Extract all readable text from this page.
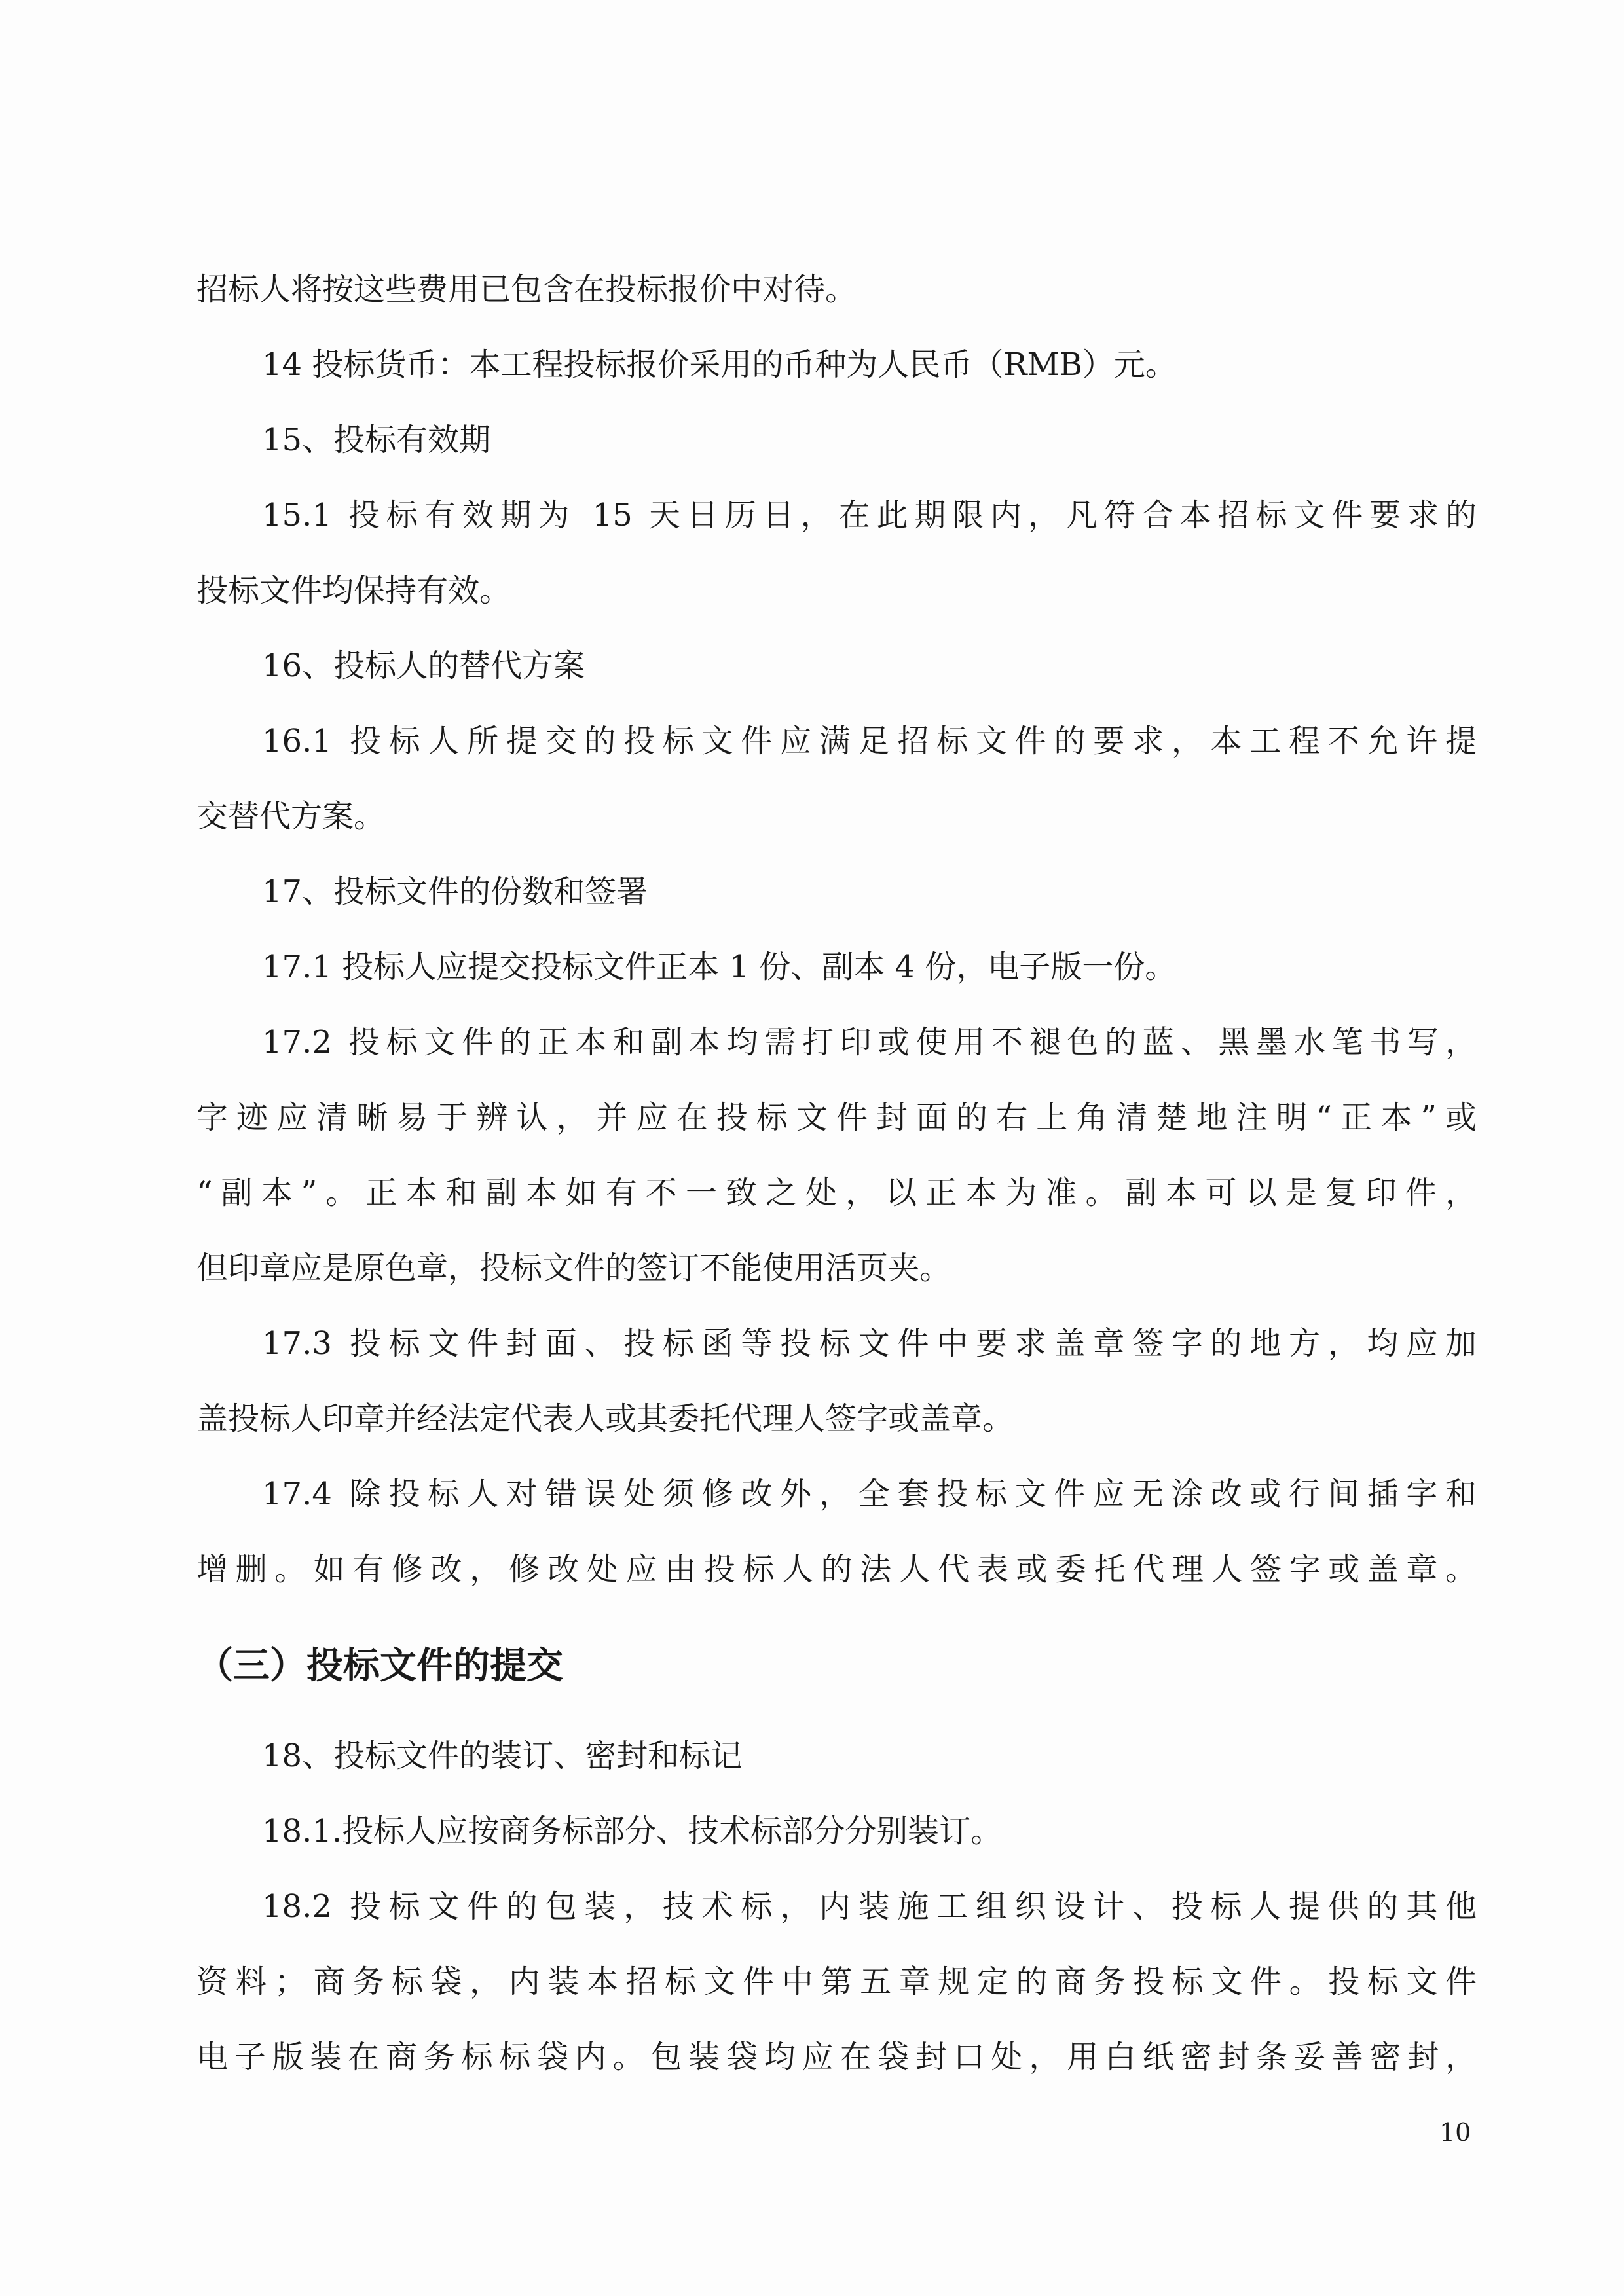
招标人将按这些费用已包含在投标报价中对待。
14 投标货币：本工程投标报价采用的币种为人民币（RMB）元。
15、投标有效期
15.1 投标有效期为 15 天日历日，在此期限内，凡符合本招标文件要求的
投标文件均保持有效。
16、投标人的替代方案
16.1 投标人所提交的投标文件应满足招标文件的要求，本工程不允许提
交替代方案。
17、投标文件的份数和签署
17.1 投标人应提交投标文件正本 1 份、副本 4 份，电子版一份。
17.2 投标文件的正本和副本均需打印或使用不褪色的蓝、黑墨水笔书写，
字迹应清晰易于辨认，并应在投标文件封面的右上角清楚地注明“正本”或
“副本”。正本和副本如有不一致之处，以正本为准。副本可以是复印件，
但印章应是原色章，投标文件的签订不能使用活页夹。
17.3 投标文件封面、投标函等投标文件中要求盖章签字的地方，均应加
盖投标人印章并经法定代表人或其委托代理人签字或盖章。
17.4 除投标人对错误处须修改外，全套投标文件应无涂改或行间插字和
增删。如有修改，修改处应由投标人的法人代表或委托代理人签字或盖章。
（三）投标文件的提交
18、投标文件的装订、密封和标记
18.1.投标人应按商务标部分、技术标部分分别装订。
18.2 投标文件的包装，技术标，内装施工组织设计、投标人提供的其他
资料；商务标袋，内装本招标文件中第五章规定的商务投标文件。投标文件
电子版装在商务标标袋内。包装袋均应在袋封口处，用白纸密封条妥善密封，
10
